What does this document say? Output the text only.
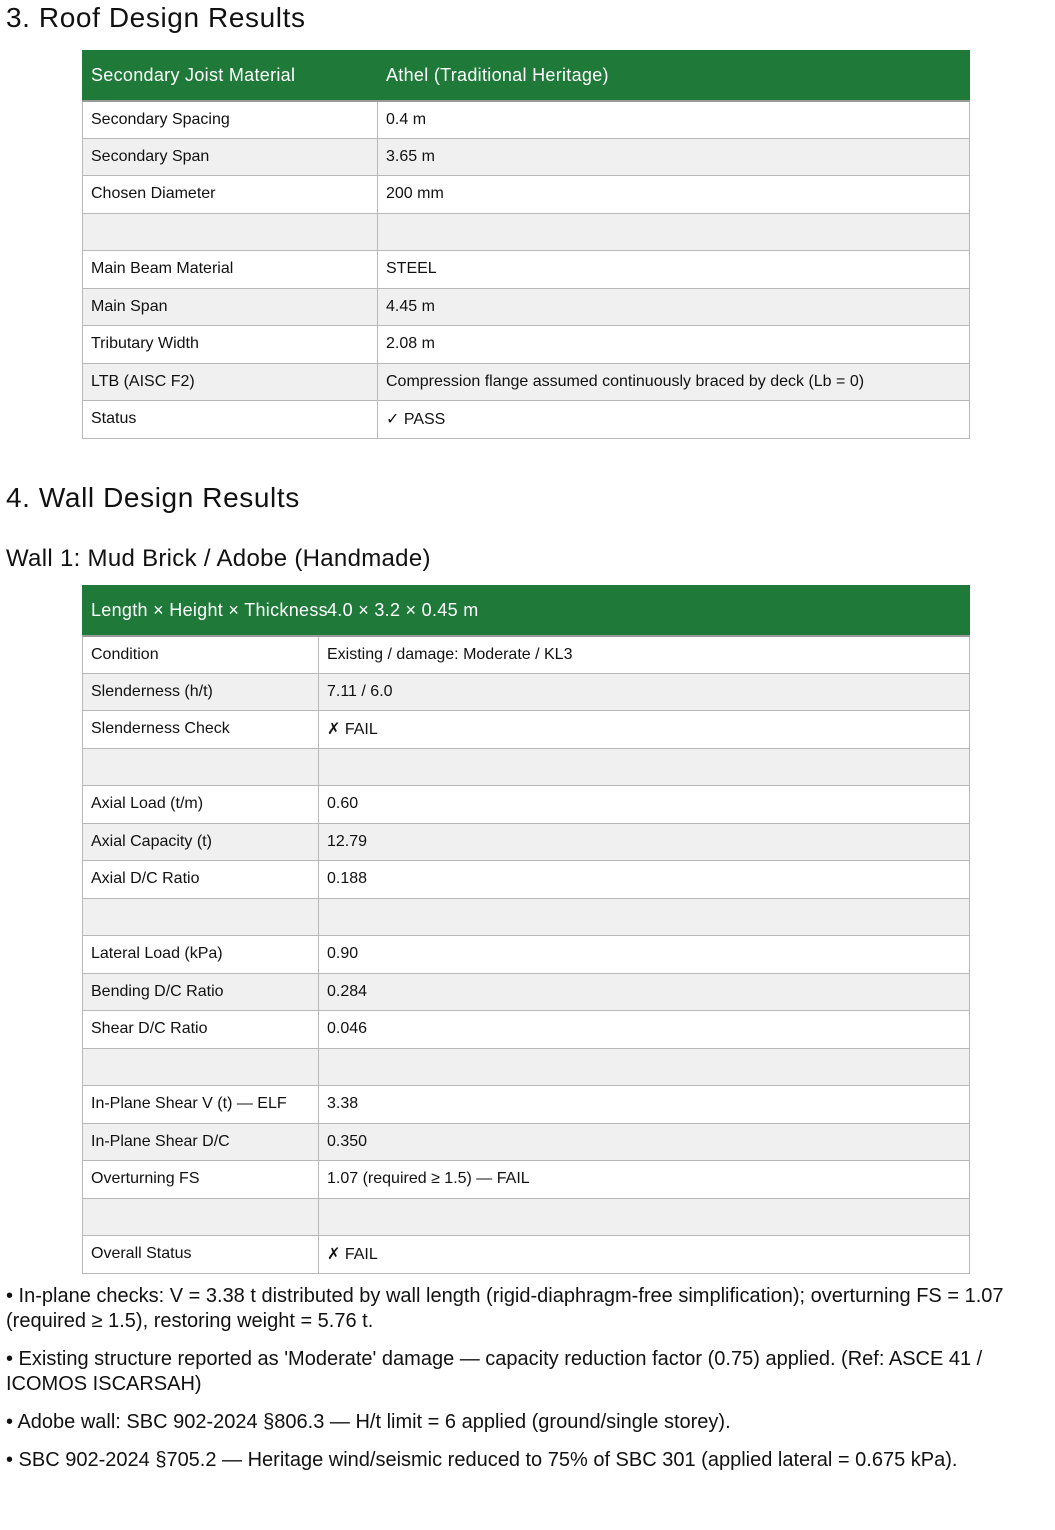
3. Roof Design Results
Secondary Joist Material	Athel (Traditional Heritage)
Secondary Spacing	0.4 m
Secondary Span	3.65 m
Chosen Diameter	200 mm

Main Beam Material	STEEL
Main Span	4.45 m
Tributary Width	2.08 m
LTB (AISC F2)	Compression flange assumed continuously braced by deck (Lb = 0)
Status	✓ PASS
4. Wall Design Results
Wall 1: Mud Brick / Adobe (Handmade)
Length × Height × Thickness	4.0 × 3.2 × 0.45 m
Condition	Existing / damage: Moderate / KL3
Slenderness (h/t)	7.11 / 6.0
Slenderness Check	✗ FAIL

Axial Load (t/m)	0.60
Axial Capacity (t)	12.79
Axial D/C Ratio	0.188

Lateral Load (kPa)	0.90
Bending D/C Ratio	0.284
Shear D/C Ratio	0.046

In-Plane Shear V (t) — ELF	3.38
In-Plane Shear D/C	0.350
Overturning FS	1.07 (required ≥ 1.5) — FAIL

Overall Status	✗ FAIL

• In-plane checks: V = 3.38 t distributed by wall length (rigid-diaphragm-free simplification); overturning FS = 1.07 (required ≥ 1.5), restoring weight = 5.76 t.

• Existing structure reported as 'Moderate' damage — capacity reduction factor (0.75) applied. (Ref: ASCE 41 / ICOMOS ISCARSAH)

• Adobe wall: SBC 902-2024 §806.3 — H/t limit = 6 applied (ground/single storey).

• SBC 902-2024 §705.2 — Heritage wind/seismic reduced to 75% of SBC 301 (applied lateral = 0.675 kPa).
